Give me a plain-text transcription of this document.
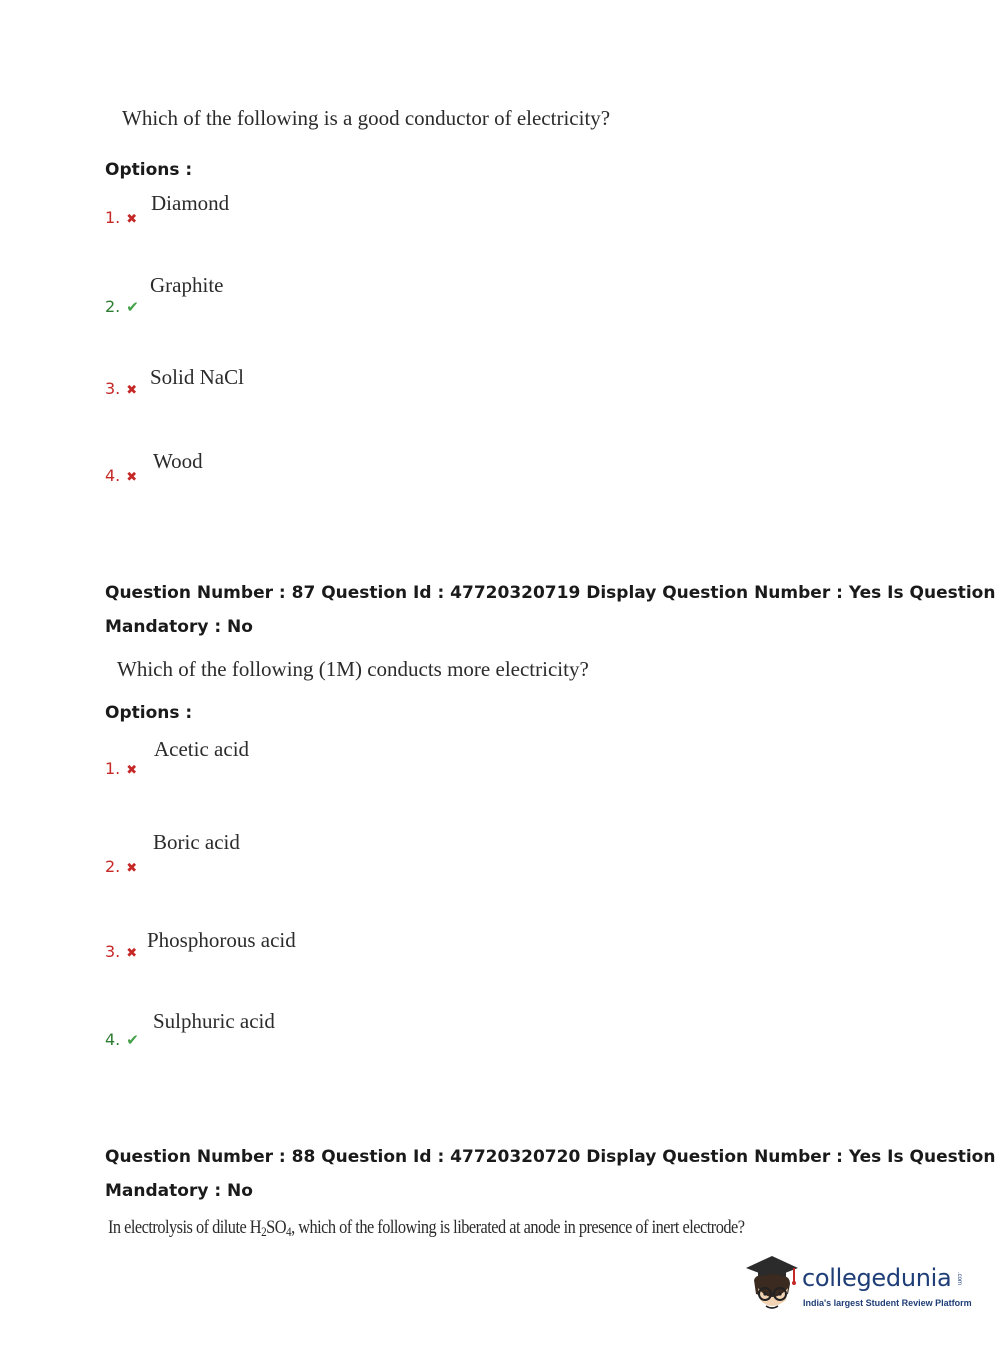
Which of the following is a good conductor of electricity?
Options :
Diamond
1. ✖
Graphite
2. ✔
Solid NaCl
3. ✖
Wood
4. ✖
Question Number : 87 Question Id : 47720320719 Display Question Number : Yes Is Question
Mandatory : No
Which of the following (1M) conducts more electricity?
Options :
Acetic acid
1. ✖
Boric acid
2. ✖
Phosphorous acid
3. ✖
Sulphuric acid
4. ✔
Question Number : 88 Question Id : 47720320720 Display Question Number : Yes Is Question
Mandatory : No
In electrolysis of dilute $H_2SO_4$, which of the following is liberated at anode in presence of inert electrode?
collegedunia .com
India's largest Student Review Platform
